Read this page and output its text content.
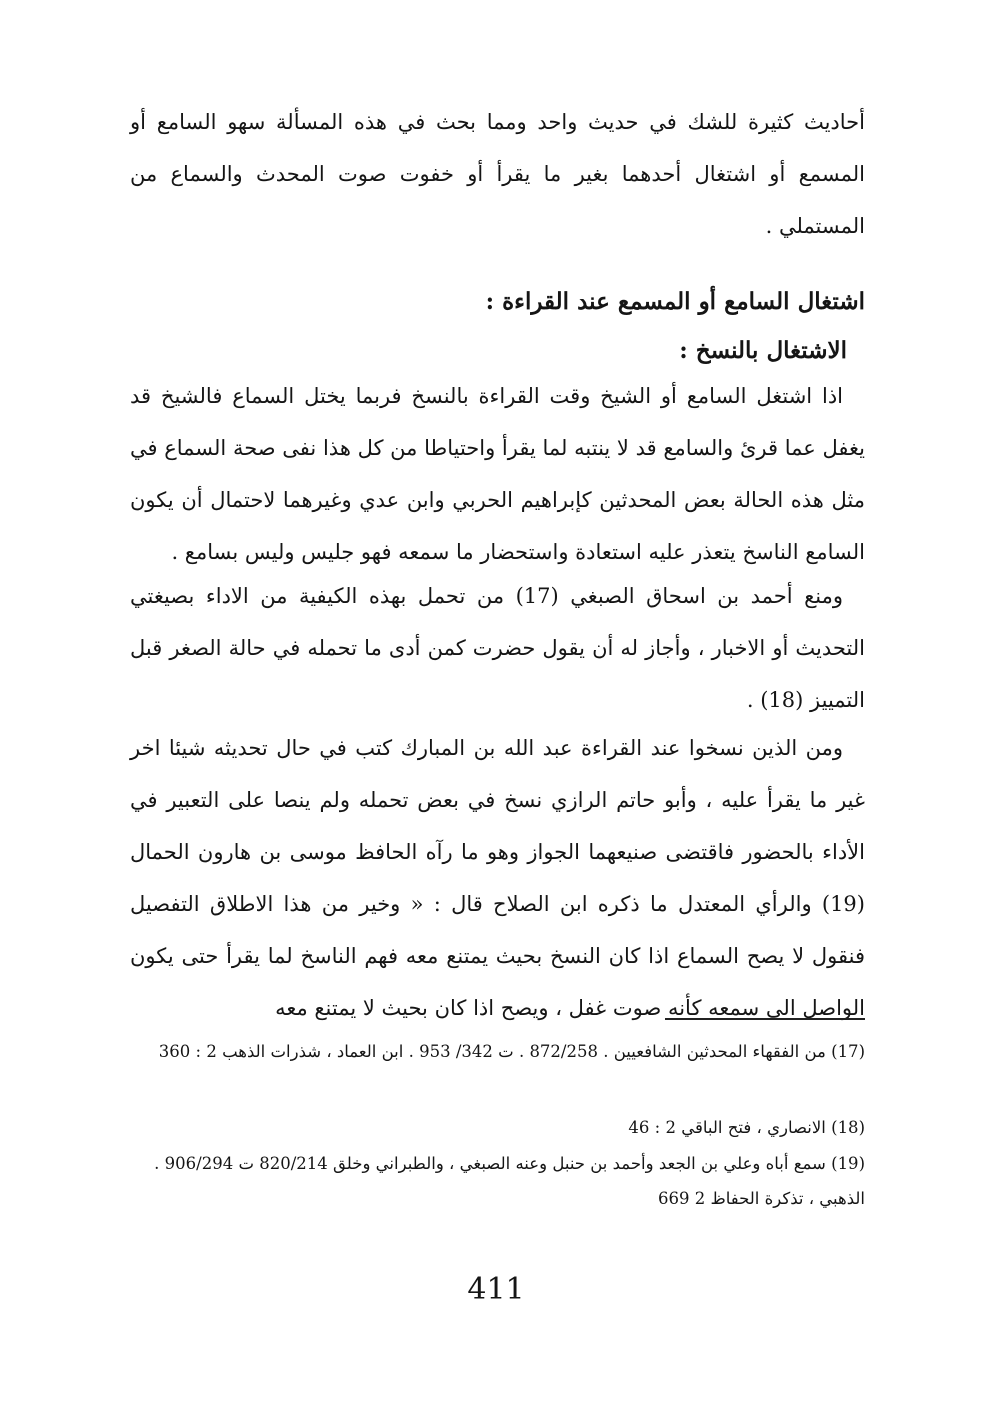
أحاديث كثيرة للشك في حديث واحد ومما بحث في هذه المسألة سهو السامع أو المسمع أو اشتغال أحدهما بغير ما يقرأ أو خفوت صوت المحدث والسماع من المستملي .
اشتغال السامع أو المسمع عند القراءة :
الاشتغال بالنسخ :
اذا اشتغل السامع أو الشيخ وقت القراءة بالنسخ فربما يختل السماع فالشيخ قد يغفل عما قرئ والسامع قد لا ينتبه لما يقرأ واحتياطا من كل هذا نفى صحة السماع في مثل هذه الحالة بعض المحدثين كإبراهيم الحربي وابن عدي وغيرهما لاحتمال أن يكون السامع الناسخ يتعذر عليه استعادة واستحضار ما سمعه فهو جليس وليس بسامع .
ومنع أحمد بن اسحاق الصبغي (17) من تحمل بهذه الكيفية من الاداء بصيغتي التحديث أو الاخبار ، وأجاز له أن يقول حضرت كمن أدى ما تحمله في حالة الصغر قبل التمييز (18) .
ومن الذين نسخوا عند القراءة عبد الله بن المبارك كتب في حال تحديثه شيئا اخر غير ما يقرأ عليه ، وأبو حاتم الرازي نسخ في بعض تحمله ولم ينصا على التعبير في الأداء بالحضور فاقتضى صنيعهما الجواز وهو ما رآه الحافظ موسى بن هارون الحمال (19) والرأي المعتدل ما ذكره ابن الصلاح قال : « وخير من هذا الاطلاق التفصيل فنقول لا يصح السماع اذا كان النسخ بحيث يمتنع معه فهم الناسخ لما يقرأ حتى يكون الواصل الى سمعه كأنه صوت غفل ، ويصح اذا كان بحيث لا يمتنع معه
(17) من الفقهاء المحدثين الشافعيين . 872/258 . ت 342/ 953 . ابن العماد ، شذرات الذهب 2 : 360
(18) الانصاري ، فتح الباقي 2 : 46
(19) سمع أباه وعلي بن الجعد وأحمد بن حنبل وعنه الصبغي ، والطبراني وخلق 820/214 ت 906/294 . الذهبي ، تذكرة الحفاظ 2 669
411
